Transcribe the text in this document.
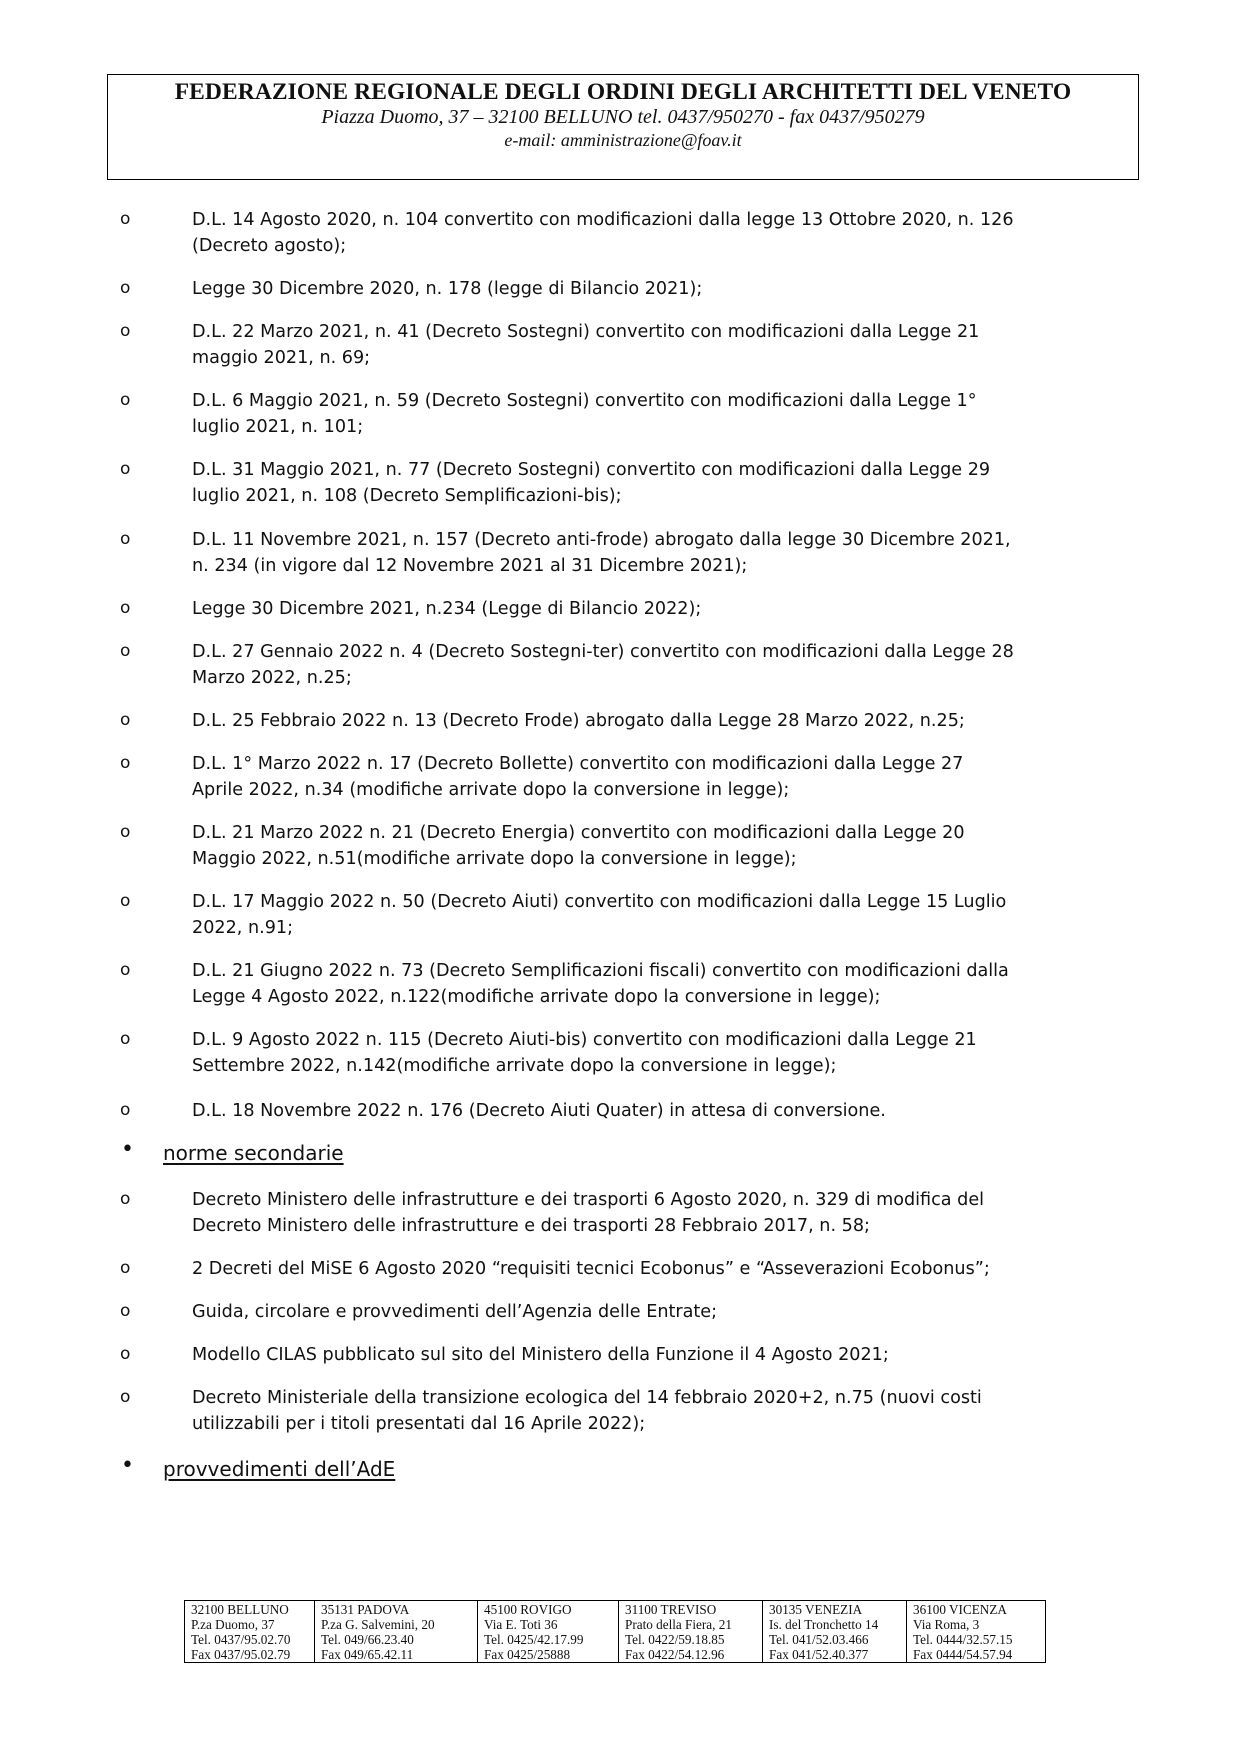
FEDERAZIONE REGIONALE DEGLI ORDINI DEGLI ARCHITETTI DEL VENETO
Piazza Duomo, 37 – 32100 BELLUNO tel. 0437/950270 - fax 0437/950279
e-mail: amministrazione@foav.it
o	D.L. 14 Agosto 2020, n. 104 convertito con modificazioni dalla legge 13 Ottobre 2020, n. 126
(Decreto agosto);
o	Legge 30 Dicembre 2020, n. 178 (legge di Bilancio 2021);
o	D.L. 22 Marzo 2021, n. 41 (Decreto Sostegni) convertito con modificazioni dalla Legge 21
maggio 2021, n. 69;
o	D.L. 6 Maggio 2021, n. 59 (Decreto Sostegni) convertito con modificazioni dalla Legge 1°
luglio 2021, n. 101;
o	D.L. 31 Maggio 2021, n. 77 (Decreto Sostegni) convertito con modificazioni dalla Legge 29
luglio 2021, n. 108 (Decreto Semplificazioni-bis);
o	D.L. 11 Novembre 2021, n. 157 (Decreto anti-frode) abrogato dalla legge 30 Dicembre 2021,
n. 234 (in vigore dal 12 Novembre 2021 al 31 Dicembre 2021);
o	Legge 30 Dicembre 2021, n.234 (Legge di Bilancio 2022);
o	D.L. 27 Gennaio 2022 n. 4 (Decreto Sostegni-ter) convertito con modificazioni dalla Legge 28
Marzo 2022, n.25;
o	D.L. 25 Febbraio 2022 n. 13 (Decreto Frode) abrogato dalla Legge 28 Marzo 2022, n.25;
o	D.L. 1° Marzo 2022 n. 17 (Decreto Bollette) convertito con modificazioni dalla Legge 27
Aprile 2022, n.34 (modifiche arrivate dopo la conversione in legge);
o	D.L. 21 Marzo 2022 n. 21 (Decreto Energia) convertito con modificazioni dalla Legge 20
Maggio 2022, n.51(modifiche arrivate dopo la conversione in legge);
o	D.L. 17 Maggio 2022 n. 50 (Decreto Aiuti) convertito con modificazioni dalla Legge 15 Luglio
2022, n.91;
o	D.L. 21 Giugno 2022 n. 73 (Decreto Semplificazioni fiscali) convertito con modificazioni dalla
Legge 4 Agosto 2022, n.122(modifiche arrivate dopo la conversione in legge);
o	D.L. 9 Agosto 2022 n. 115 (Decreto Aiuti-bis) convertito con modificazioni dalla Legge 21
Settembre 2022, n.142(modifiche arrivate dopo la conversione in legge);
o	D.L. 18 Novembre 2022 n. 176 (Decreto Aiuti Quater) in attesa di conversione.
• norme secondarie
o	Decreto Ministero delle infrastrutture e dei trasporti 6 Agosto 2020, n. 329 di modifica del
Decreto Ministero delle infrastrutture e dei trasporti 28 Febbraio 2017, n. 58;
o	2 Decreti del MiSE 6 Agosto 2020 “requisiti tecnici Ecobonus” e “Asseverazioni Ecobonus”;
o	Guida, circolare e provvedimenti dell’Agenzia delle Entrate;
o	Modello CILAS pubblicato sul sito del Ministero della Funzione il 4 Agosto 2021;
o	Decreto Ministeriale della transizione ecologica del 14 febbraio 2020+2, n.75 (nuovi costi
utilizzabili per i titoli presentati dal 16 Aprile 2022);
• provvedimenti dell’AdE
32100 BELLUNO
P.za Duomo, 37
Tel. 0437/95.02.70
Fax 0437/95.02.79

35131 PADOVA
P.za G. Salvemini, 20
Tel. 049/66.23.40
Fax 049/65.42.11

45100 ROVIGO
Via E. Toti 36
Tel. 0425/42.17.99
Fax 0425/25888

31100 TREVISO
Prato della Fiera, 21
Tel. 0422/59.18.85
Fax 0422/54.12.96

30135 VENEZIA
Is. del Tronchetto 14
Tel. 041/52.03.466
Fax 041/52.40.377

36100 VICENZA
Via Roma, 3
Tel. 0444/32.57.15
Fax 0444/54.57.94
